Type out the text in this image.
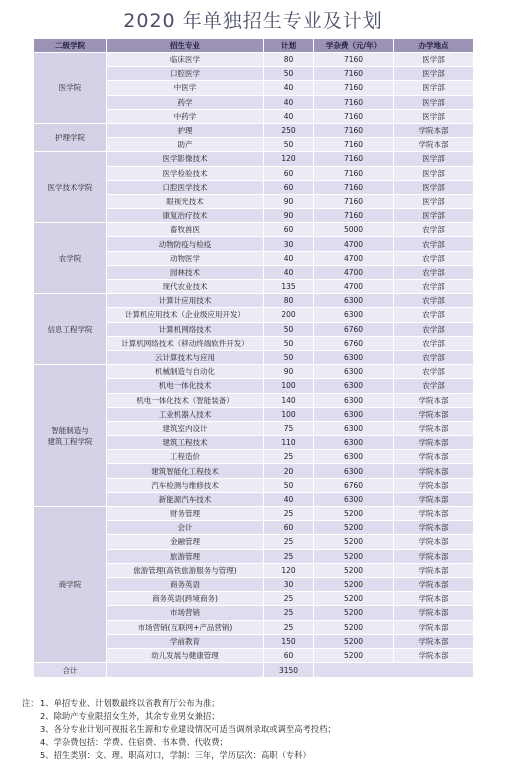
2020 年单独招生专业及计划
二级学院	招生专业	计划	学杂费（元/年）	办学地点
医学院	临床医学	80	7160	医学部
	口腔医学	50	7160	医学部
	中医学	40	7160	医学部
	药学	40	7160	医学部
	中药学	40	7160	医学部
护理学院	护理	250	7160	学院本部
	助产	50	7160	学院本部
医学技术学院	医学影像技术	120	7160	医学部
	医学检验技术	60	7160	医学部
	口腔医学技术	60	7160	医学部
	眼视光技术	90	7160	医学部
	康复治疗技术	90	7160	医学部
农学院	畜牧兽医	60	5000	农学部
	动物防疫与检疫	30	4700	农学部
	动物医学	40	4700	农学部
	园林技术	40	4700	农学部
	现代农业技术	135	4700	农学部
信息工程学院	计算计应用技术	80	6300	农学部
	计算机应用技术（企业级应用开发）	200	6300	农学部
	计算机网络技术	50	6760	农学部
	计算机网络技术（移动终端软件开发）	50	6760	农学部
	云计算技术与应用	50	6300	农学部
智能制造与
建筑工程学院	机械制造与自动化	90	6300	农学部
	机电一体化技术	100	6300	农学部
	机电一体化技术（智能装备）	140	6300	学院本部
	工业机器人技术	100	6300	学院本部
	建筑室内设计	75	6300	学院本部
	建筑工程技术	110	6300	学院本部
	工程造价	25	6300	学院本部
	建筑智能化工程技术	20	6300	学院本部
	汽车检测与维修技术	50	6760	学院本部
	新能源汽车技术	40	6300	学院本部
商学院	财务管理	25	5200	学院本部
	会计	60	5200	学院本部
	金融管理	25	5200	学院本部
	旅游管理	25	5200	学院本部
	旅游管理(高铁旅游服务与管理)	120	5200	学院本部
	商务英语	30	5200	学院本部
	商务英语(跨境商务)	25	5200	学院本部
	市场营销	25	5200	学院本部
	市场营销(互联网+产品营销)	25	5200	学院本部
	学前教育	150	5200	学院本部
	幼儿发展与健康管理	60	5200	学院本部
合计		3150		
注：1、单招专业、计划数最终以省教育厅公布为准；
2、除助产专业限招女生外，其余专业男女兼招；
3、各分专业计划可视报名生源和专业建设情况可适当调剂录取或调至高考投档；
4、学杂费包括：学费、住宿费、书本费、代收费；
5、招生类别：文、理、职高对口，学制：三年，学历层次：高职（专科）
